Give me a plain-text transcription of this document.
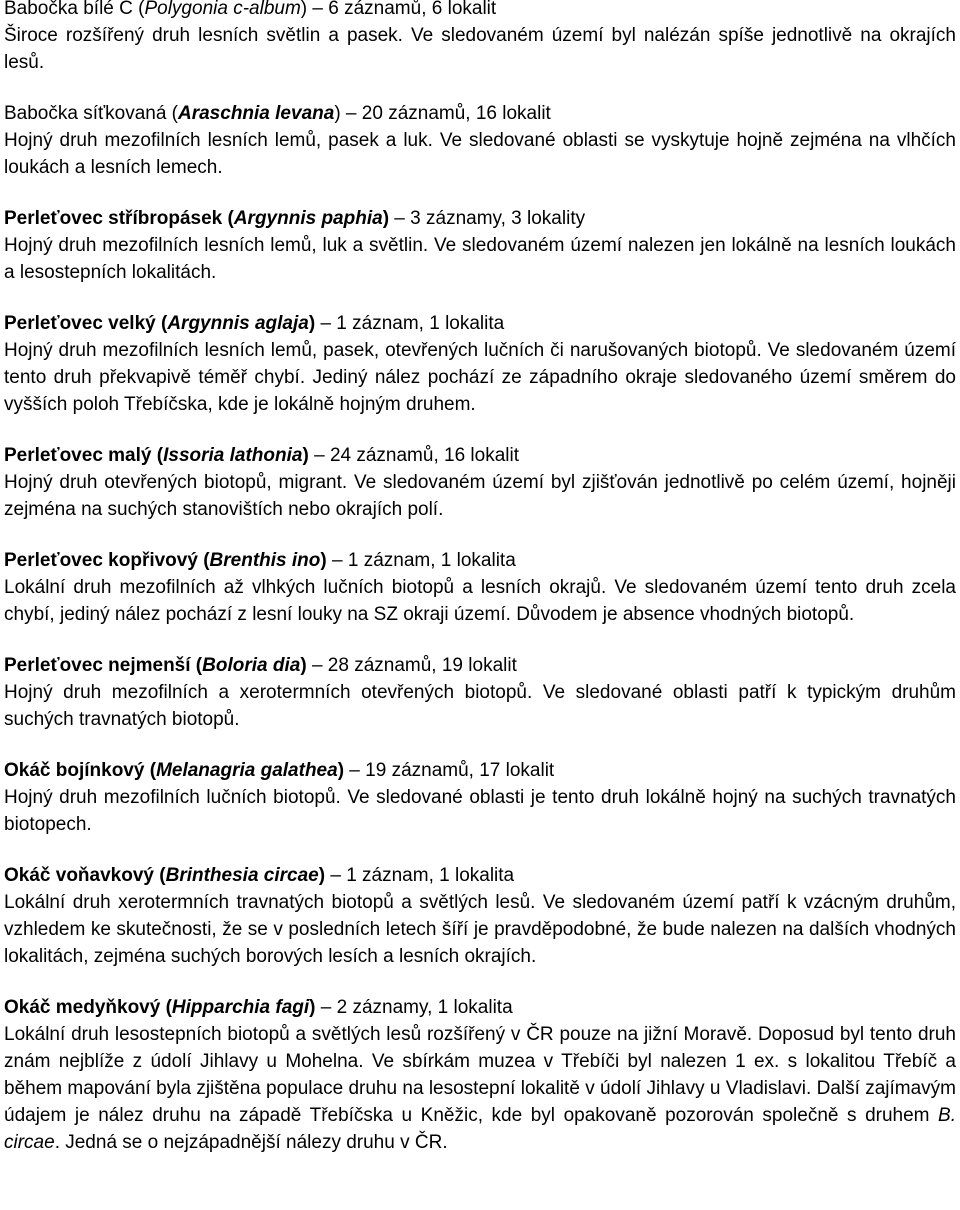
Babočka bílé C (Polygonia c-album) – 6 záznamů, 6 lokalit

Široce rozšířený druh lesních světlin a pasek. Ve sledovaném území byl nalézán spíše jednotlivě na okrajích lesů.

Babočka síťkovaná (Araschnia levana) – 20 záznamů, 16 lokalit

Hojný druh mezofilních lesních lemů, pasek a luk. Ve sledované oblasti se vyskytuje hojně zejména na vlhčích loukách a lesních lemech.

Perleťovec stříbropásek (Argynnis paphia) – 3 záznamy, 3 lokality

Hojný druh mezofilních lesních lemů, luk a světlin. Ve sledovaném území nalezen jen lokálně na lesních loukách a lesostepních lokalitách.

Perleťovec velký (Argynnis aglaja) – 1 záznam, 1 lokalita

Hojný druh mezofilních lesních lemů, pasek, otevřených lučních či narušovaných biotopů. Ve sledovaném území tento druh překvapivě téměř chybí. Jediný nález pochází ze západního okraje sledovaného území směrem do vyšších poloh Třebíčska, kde je lokálně hojným druhem.

Perleťovec malý (Issoria lathonia) – 24 záznamů, 16 lokalit

Hojný druh otevřených biotopů, migrant. Ve sledovaném území byl zjišťován jednotlivě po celém území, hojněji zejména na suchých stanovištích nebo okrajích polí.

Perleťovec kopřivový (Brenthis ino) – 1 záznam, 1 lokalita

Lokální druh mezofilních až vlhkých lučních biotopů a lesních okrajů. Ve sledovaném území tento druh zcela chybí, jediný nález pochází z lesní louky na SZ okraji území. Důvodem je absence vhodných biotopů.

Perleťovec nejmenší (Boloria dia) – 28 záznamů, 19 lokalit

Hojný druh mezofilních a xerotermních otevřených biotopů. Ve sledované oblasti patří k typickým druhům suchých travnatých biotopů.

Okáč bojínkový (Melanagria galathea) – 19 záznamů, 17 lokalit

Hojný druh mezofilních lučních biotopů. Ve sledované oblasti je tento druh lokálně hojný na suchých travnatých biotopech.

Okáč voňavkový (Brinthesia circae) – 1 záznam, 1 lokalita

Lokální druh xerotermních travnatých biotopů a světlých lesů. Ve sledovaném území patří k vzácným druhům, vzhledem ke skutečnosti, že se v posledních letech šíří je pravděpodobné, že bude nalezen na dalších vhodných lokalitách, zejména suchých borových lesích a lesních okrajích.

Okáč medyňkový (Hipparchia fagi) – 2 záznamy, 1 lokalita

Lokální druh lesostepních biotopů a světlých lesů rozšířený v ČR pouze na jižní Moravě. Doposud byl tento druh znám nejblíže z údolí Jihlavy u Mohelna. Ve sbírkám muzea v Třebíči byl nalezen 1 ex. s lokalitou Třebíč a během mapování byla zjištěna populace druhu na lesostepní lokalitě v údolí Jihlavy u Vladislavi. Další zajímavým údajem je nález druhu na západě Třebíčska u Kněžic, kde byl opakovaně pozorován společně s druhem B. circae. Jedná se o nejzápadnější nálezy druhu v ČR.
